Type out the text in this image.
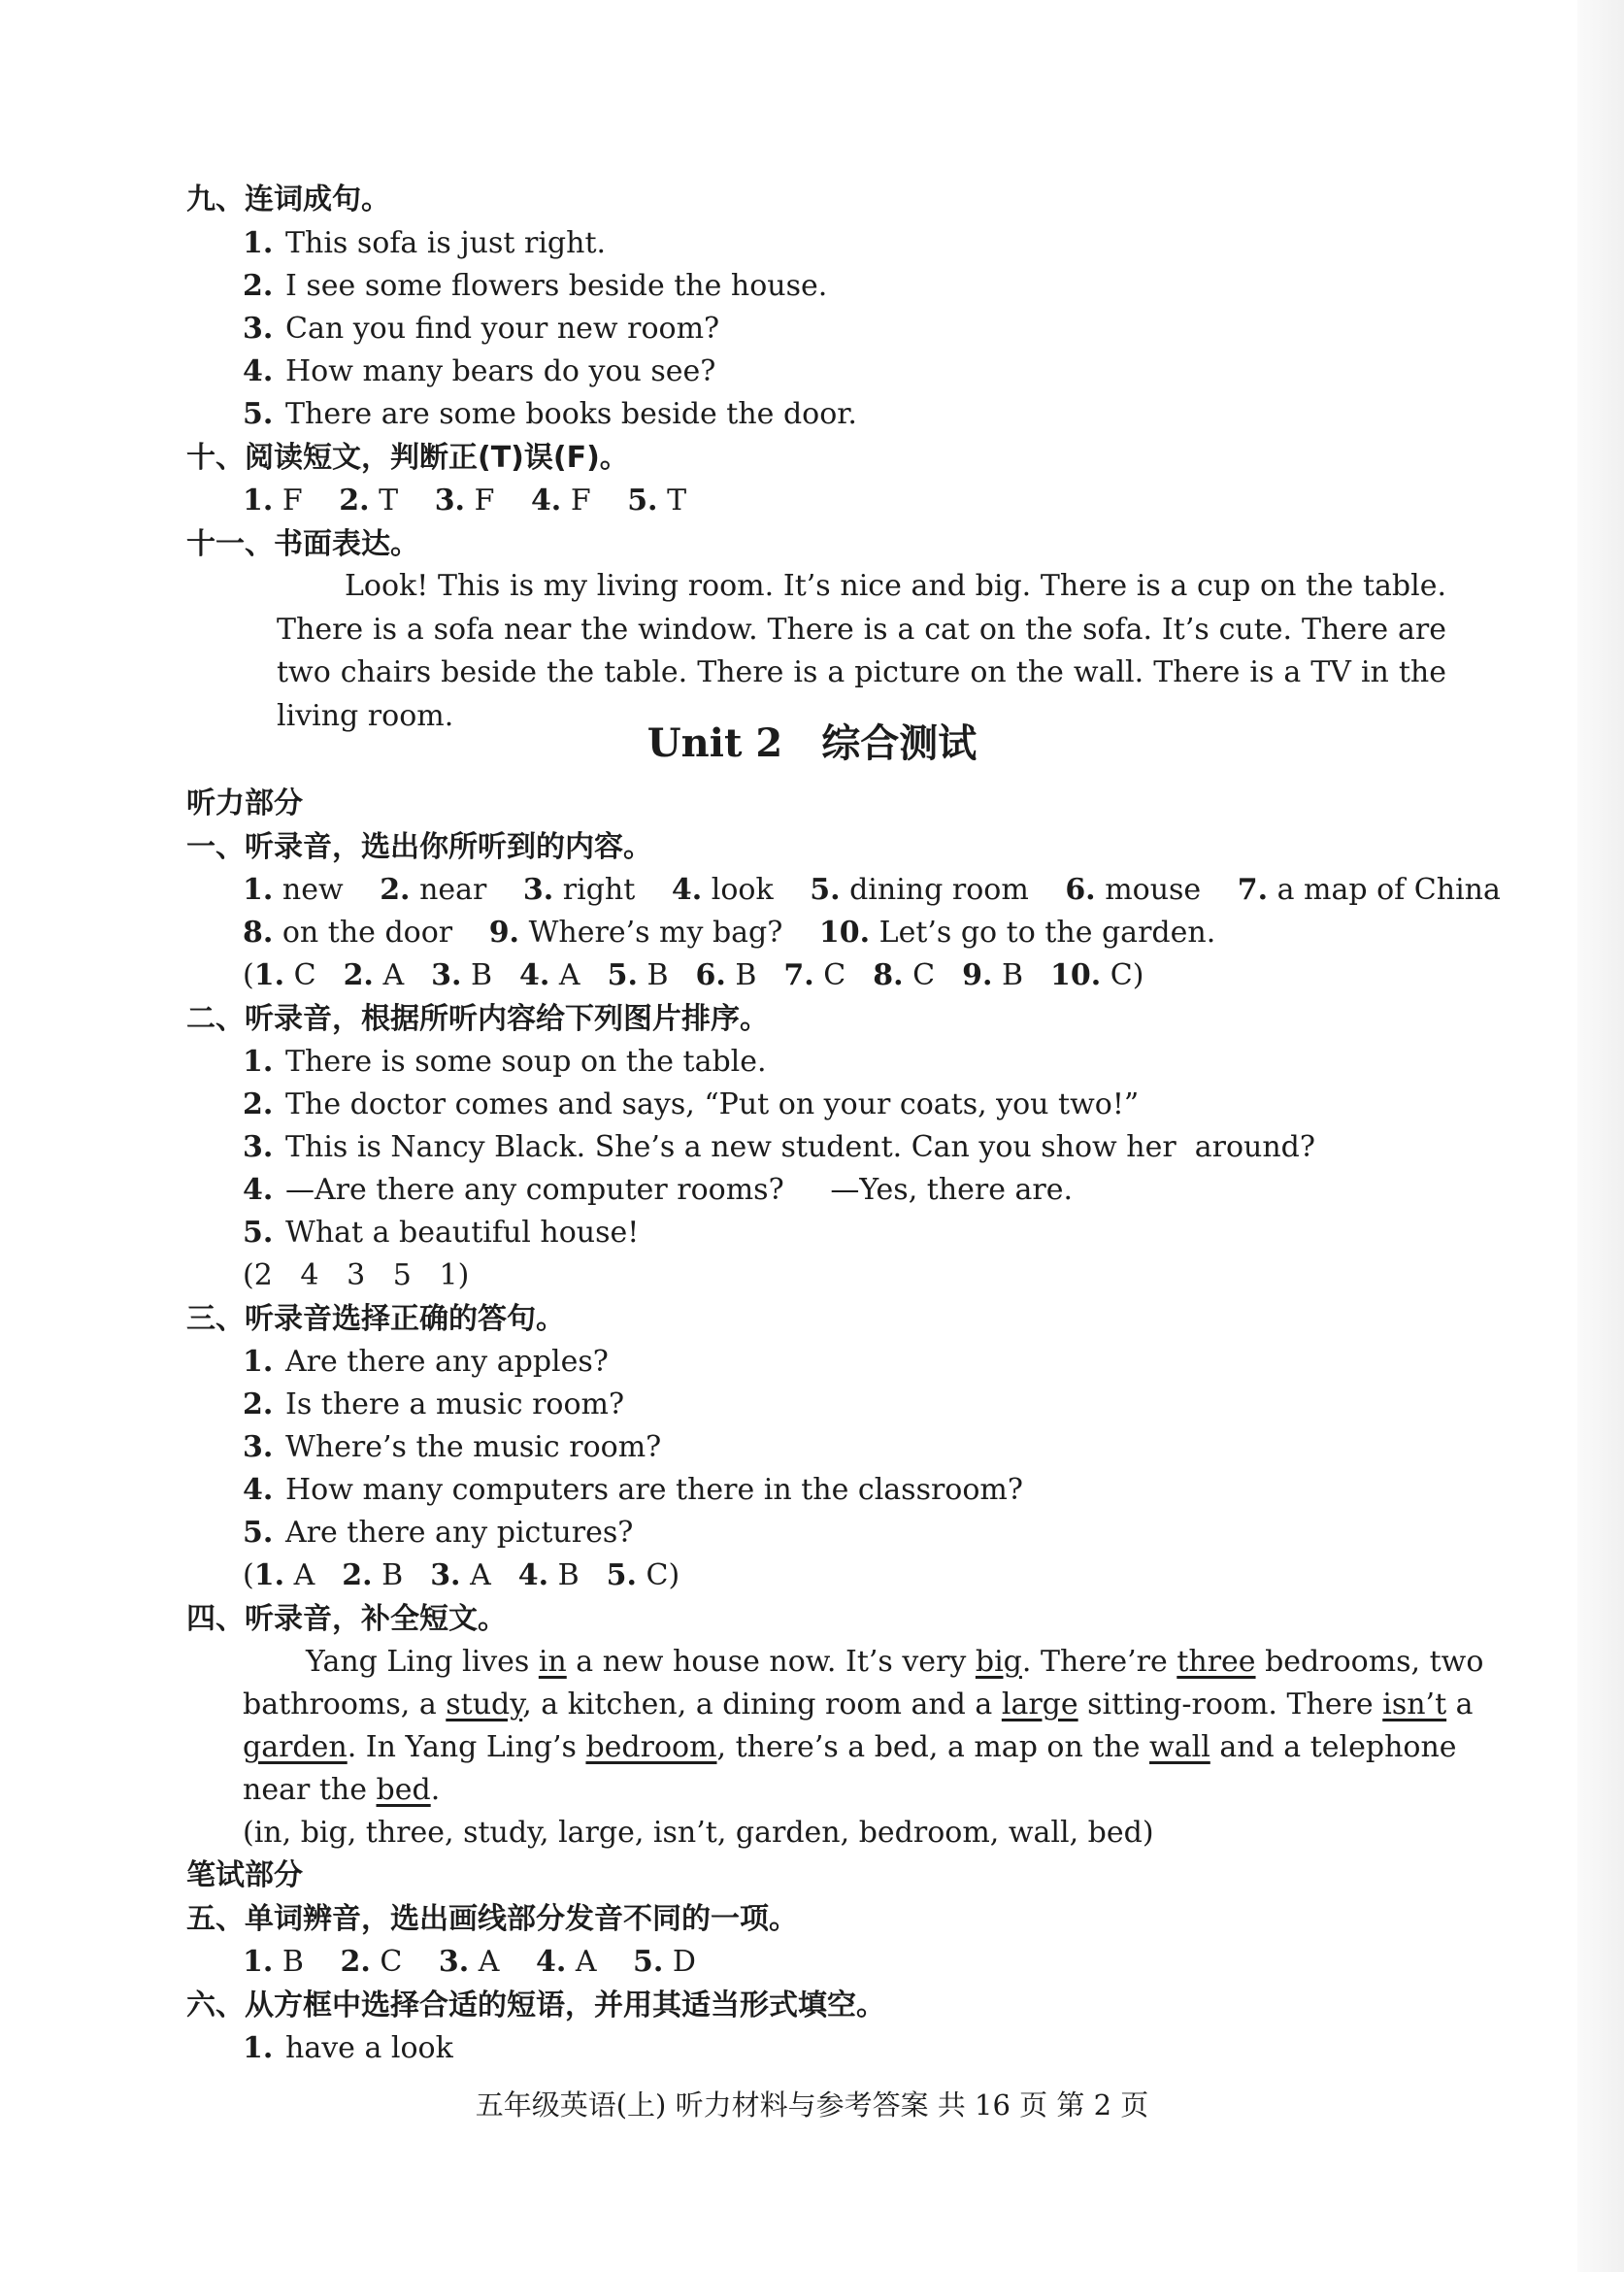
九、连词成句。
1. This sofa is just right.
2. I see some flowers beside the house.
3. Can you find your new room?
4. How many bears do you see?
5. There are some books beside the door.
十、阅读短文，判断正(T)误(F)。
1. F 2. T 3. F 4. F 5. T
十一、书面表达。
Look! This is my living room. It’s nice and big. There is a cup on the table. There is a sofa near the window. There is a cat on the sofa. It’s cute. There are two chairs beside the table. There is a picture on the wall. There is a TV in the living room.
Unit 2 综合测试
听力部分
一、听录音，选出你所听到的内容。
1. new 2. near 3. right 4. look 5. dining room 6. mouse 7. a map of China
8. on the door 9. Where’s my bag? 10. Let’s go to the garden.
(1. C 2. A 3. B 4. A 5. B 6. B 7. C 8. C 9. B 10. C)
二、听录音，根据所听内容给下列图片排序。
1. There is some soup on the table.
2. The doctor comes and says, “Put on your coats, you two!”
3. This is Nancy Black. She’s a new student. Can you show her  around?
4. —Are there any computer rooms?     —Yes, there are.
5. What a beautiful house!
(2   4   3   5   1)
三、听录音选择正确的答句。
1. Are there any apples?
2. Is there a music room?
3. Where’s the music room?
4. How many computers are there in the classroom?
5. Are there any pictures?
(1. A 2. B 3. A 4. B 5. C)
四、听录音，补全短文。
Yang Ling lives in a new house now. It’s very big. There’re three bedrooms, two
bathrooms, a study, a kitchen, a dining room and a large sitting-room. There isn’t a
garden. In Yang Ling’s bedroom, there’s a bed, a map on the wall and a telephone
near the bed.
(in, big, three, study, large, isn’t, garden, bedroom, wall, bed)
笔试部分
五、单词辨音，选出画线部分发音不同的一项。
1. B 2. C 3. A 4. A 5. D
六、从方框中选择合适的短语，并用其适当形式填空。
1. have a look
五年级英语(上) 听力材料与参考答案 共 16 页 第 2 页
